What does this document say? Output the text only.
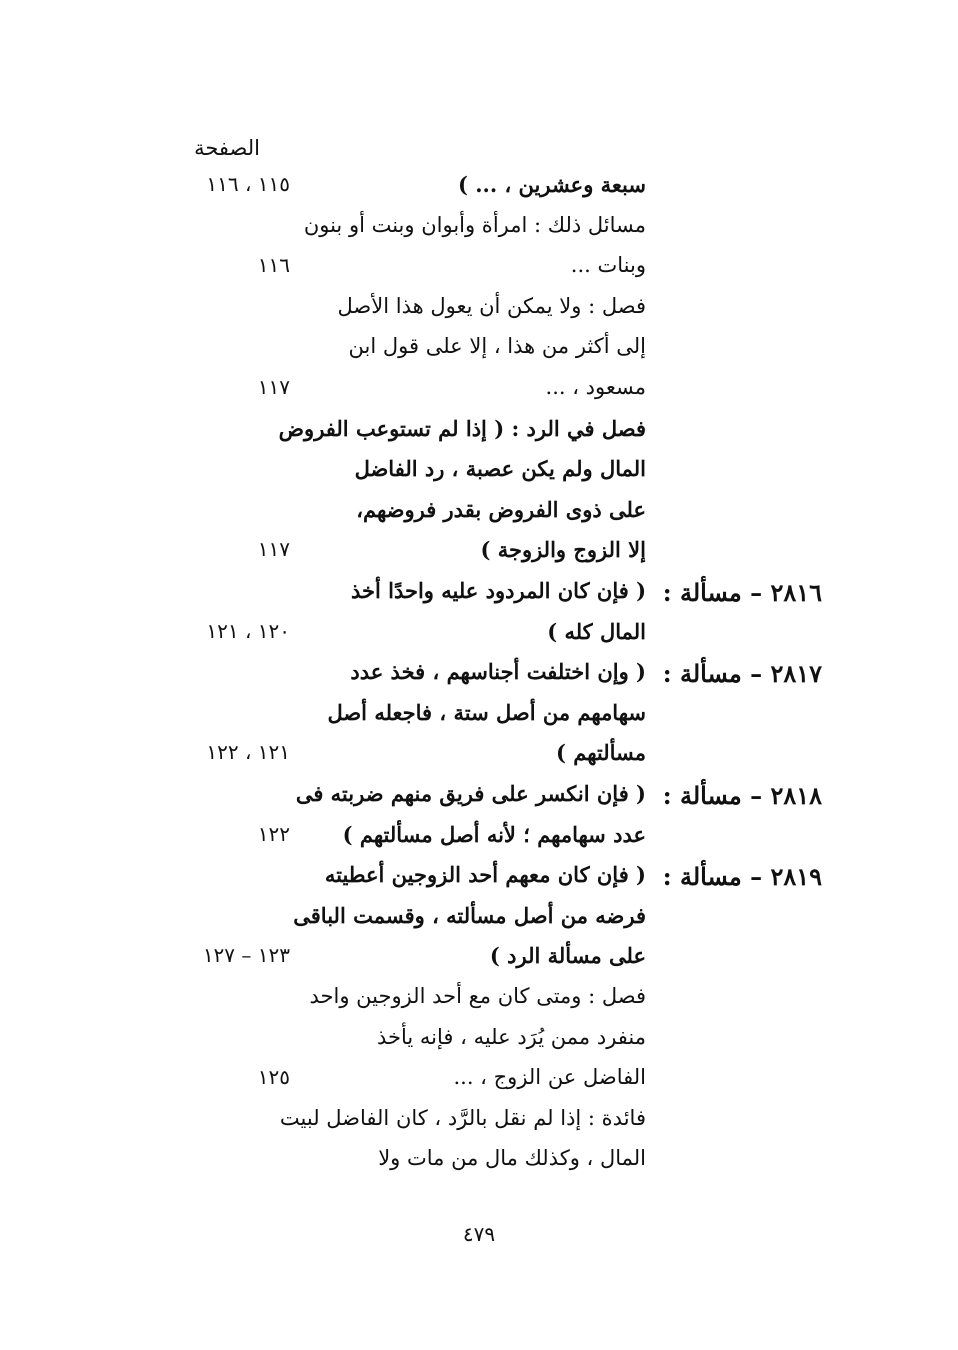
الصفحة
سبعة وعشرين ، ... )
١١٥ ، ١١٦
مسائل ذلك : امرأة وأبوان وبنت أو بنون
وبنات ...
١١٦
فصل : ولا يمكن أن يعول هذا الأصل
إلى أكثر من هذا ، إلا على قول ابن
مسعود ، ...
١١٧
فصل في الرد : ( إذا لم تستوعب الفروض
المال ولم يكن عصبة ، رد الفاضل
على ذوى الفروض بقدر فروضهم،
إلا الزوج والزوجة )
١١٧
٢٨١٦ – مسألة :
( فإن كان المردود عليه واحدًا أخذ
المال كله )
١٢٠ ، ١٢١
٢٨١٧ – مسألة :
( وإن اختلفت أجناسهم ، فخذ عدد
سهامهم من أصل ستة ، فاجعله أصل
مسألتهم )
١٢١ ، ١٢٢
٢٨١٨ – مسألة :
( فإن انكسر على فريق منهم ضربته فى
عدد سهامهم ؛ لأنه أصل مسألتهم )
١٢٢
٢٨١٩ – مسألة :
( فإن كان معهم أحد الزوجين أعطيته
فرضه من أصل مسألته ، وقسمت الباقى
على مسألة الرد )
١٢٣ – ١٢٧
فصل : ومتى كان مع أحد الزوجين واحد
منفرد ممن يُرَد عليه ، فإنه يأخذ
الفاضل عن الزوج ، ...
١٢٥
فائدة : إذا لم نقل بالرَّد ، كان الفاضل لبيت
المال ، وكذلك مال من مات ولا
٤٧٩
